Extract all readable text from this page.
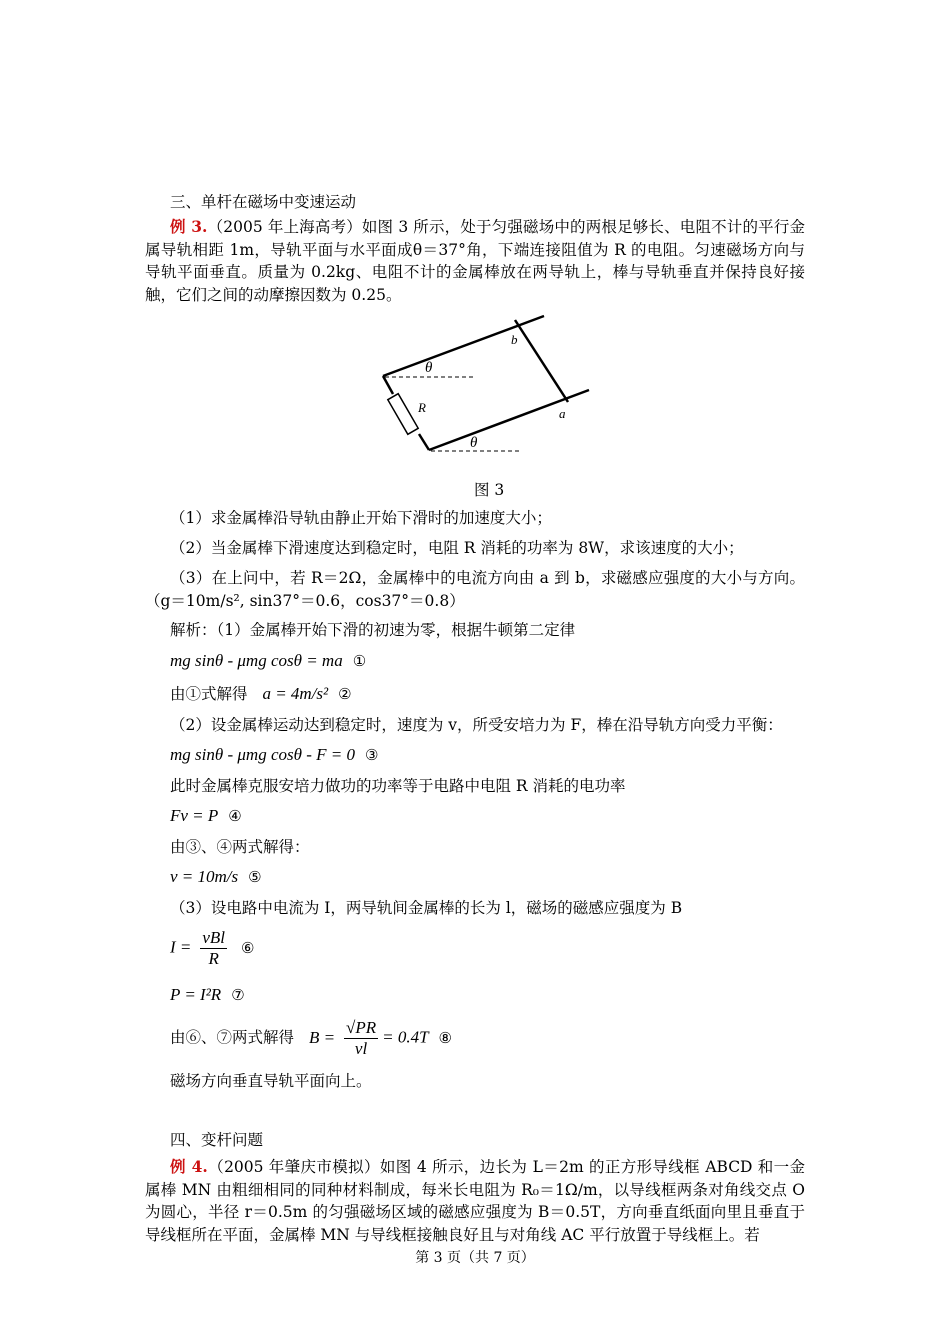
三、单杆在磁场中变速运动
例 3.（2005 年上海高考）如图 3 所示，处于匀强磁场中的两根足够长、电阻不计的平行金属导轨相距 1m，导轨平面与水平面成θ＝37°角，下端连接阻值为 R 的电阻。匀速磁场方向与导轨平面垂直。质量为 0.2kg、电阻不计的金属棒放在两导轨上，棒与导轨垂直并保持良好接触，它们之间的动摩擦因数为 0.25。
θ
θ
R
b
a
图 3
（1）求金属棒沿导轨由静止开始下滑时的加速度大小；
（2）当金属棒下滑速度达到稳定时，电阻 R 消耗的功率为 8W，求该速度的大小；
（3）在上问中，若 R＝2Ω，金属棒中的电流方向由 a 到 b，求磁感应强度的大小与方向。（g＝10m/s², sin37°＝0.6，cos37°＝0.8）
解析：（1）金属棒开始下滑的初速为零，根据牛顿第二定律
mg sinθ - μmg cosθ = ma ①
由①式解得 a = 4m/s² ②
（2）设金属棒运动达到稳定时，速度为 v，所受安培力为 F，棒在沿导轨方向受力平衡：
mg sinθ - μmg cosθ - F = 0 ③
此时金属棒克服安培力做功的功率等于电路中电阻 R 消耗的电功率
Fv = P ④
由③、④两式解得：
v = 10m/s ⑤
（3）设电路中电流为 I，两导轨间金属棒的长为 l，磁场的磁感应强度为 B
$I = \frac{\text{vBl}}{R}$ ⑥
P = I²R ⑦
由⑥、⑦两式解得 $B = \frac{√PR}{vl} = 0.4T$ ⑧
磁场方向垂直导轨平面向上。
四、变杆问题
例 4.（2005 年肇庆市模拟）如图 4 所示，边长为 L＝2m 的正方形导线框 ABCD 和一金属棒 MN 由粗细相同的同种材料制成，每米长电阻为 R₀＝1Ω/m，以导线框两条对角线交点 O 为圆心，半径 r＝0.5m 的匀强磁场区域的磁感应强度为 B＝0.5T，方向垂直纸面向里且垂直于导线框所在平面，金属棒 MN 与导线框接触良好且与对角线 AC 平行放置于导线框上。若
第 3 页（共 7 页）
